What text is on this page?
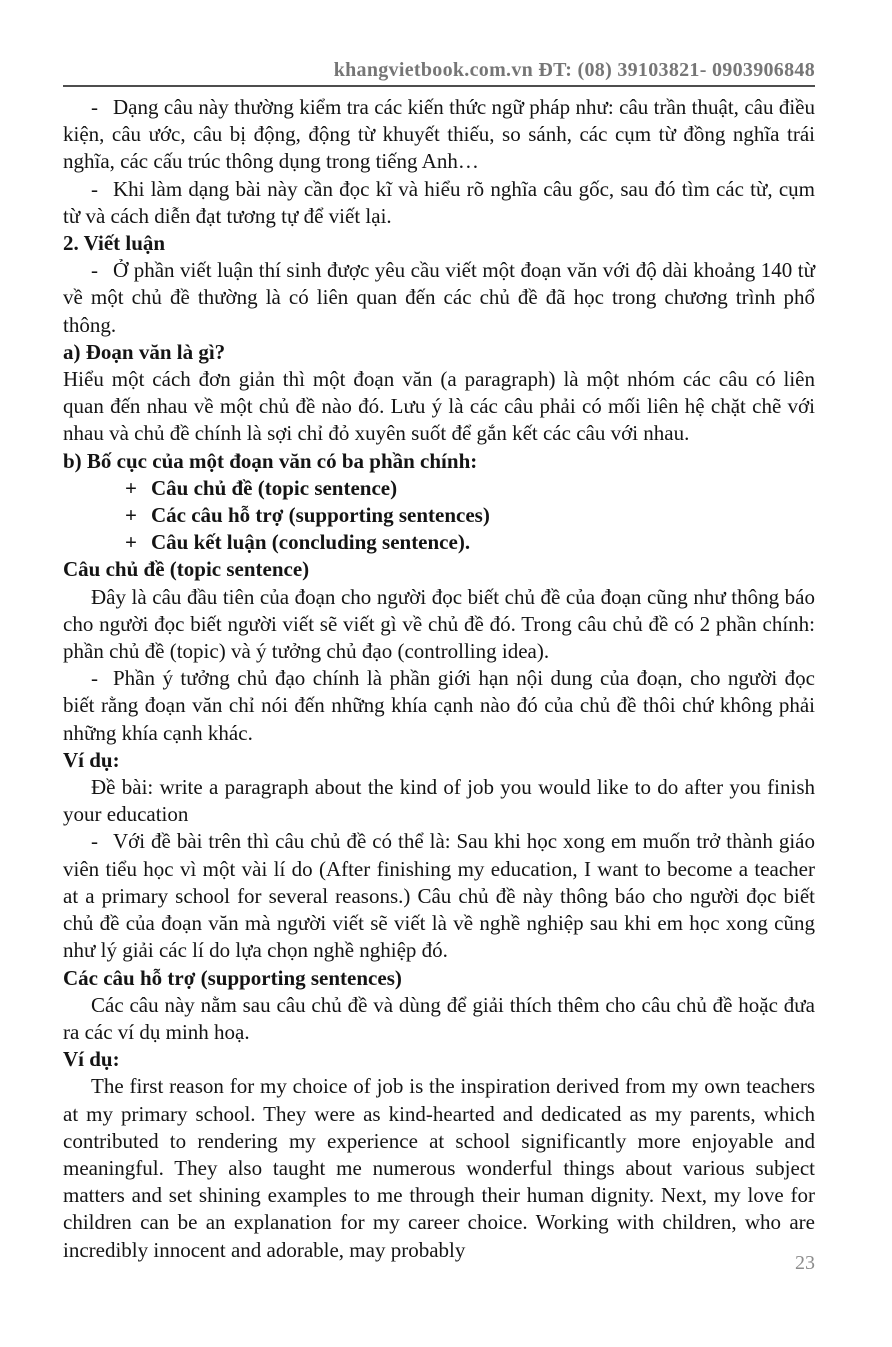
khangvietbook.com.vn ĐT: (08) 39103821- 0903906848

- Dạng câu này thường kiểm tra các kiến thức ngữ pháp như: câu trần thuật, câu điều kiện, câu ước, câu bị động, động từ khuyết thiếu, so sánh, các cụm từ đồng nghĩa trái nghĩa, các cấu trúc thông dụng trong tiếng Anh…

- Khi làm dạng bài này cần đọc kĩ và hiểu rõ nghĩa câu gốc, sau đó tìm các từ, cụm từ và cách diễn đạt tương tự để viết lại.

2. Viết luận

- Ở phần viết luận thí sinh được yêu cầu viết một đoạn văn với độ dài khoảng 140 từ về một chủ đề thường là có liên quan đến các chủ đề đã học trong chương trình phổ thông.

a) Đoạn văn là gì?

Hiểu một cách đơn giản thì một đoạn văn (a paragraph) là một nhóm các câu có liên quan đến nhau về một chủ đề nào đó. Lưu ý là các câu phải có mối liên hệ chặt chẽ với nhau và chủ đề chính là sợi chỉ đỏ xuyên suốt để gắn kết các câu với nhau.

b) Bố cục của một đoạn văn có ba phần chính:

+ Câu chủ đề (topic sentence)

+ Các câu hỗ trợ (supporting sentences)

+ Câu kết luận (concluding sentence).

Câu chủ đề (topic sentence)

Đây là câu đầu tiên của đoạn cho người đọc biết chủ đề của đoạn cũng như thông báo cho người đọc biết người viết sẽ viết gì về chủ đề đó. Trong câu chủ đề có 2 phần chính: phần chủ đề (topic) và ý tưởng chủ đạo (controlling idea).

- Phần ý tưởng chủ đạo chính là phần giới hạn nội dung của đoạn, cho người đọc biết rằng đoạn văn chỉ nói đến những khía cạnh nào đó của chủ đề thôi chứ không phải những khía cạnh khác.

Ví dụ:

Đề bài: write a paragraph about the kind of job you would like to do after you finish your education

- Với đề bài trên thì câu chủ đề có thể là: Sau khi học xong em muốn trở thành giáo viên tiểu học vì một vài lí do (After finishing my education, I want to become a teacher at a primary school for several reasons.) Câu chủ đề này thông báo cho người đọc biết chủ đề của đoạn văn mà người viết sẽ viết là về nghề nghiệp sau khi em học xong cũng như lý giải các lí do lựa chọn nghề nghiệp đó.

Các câu hỗ trợ (supporting sentences)

Các câu này nằm sau câu chủ đề và dùng để giải thích thêm cho câu chủ đề hoặc đưa ra các ví dụ minh hoạ.

Ví dụ:

The first reason for my choice of job is the inspiration derived from my own teachers at my primary school. They were as kind-hearted and dedicated as my parents, which contributed to rendering my experience at school significantly more enjoyable and meaningful. They also taught me numerous wonderful things about various subject matters and set shining examples to me through their human dignity. Next, my love for children can be an explanation for my career choice. Working with children, who are incredibly innocent and adorable, may probably

23
